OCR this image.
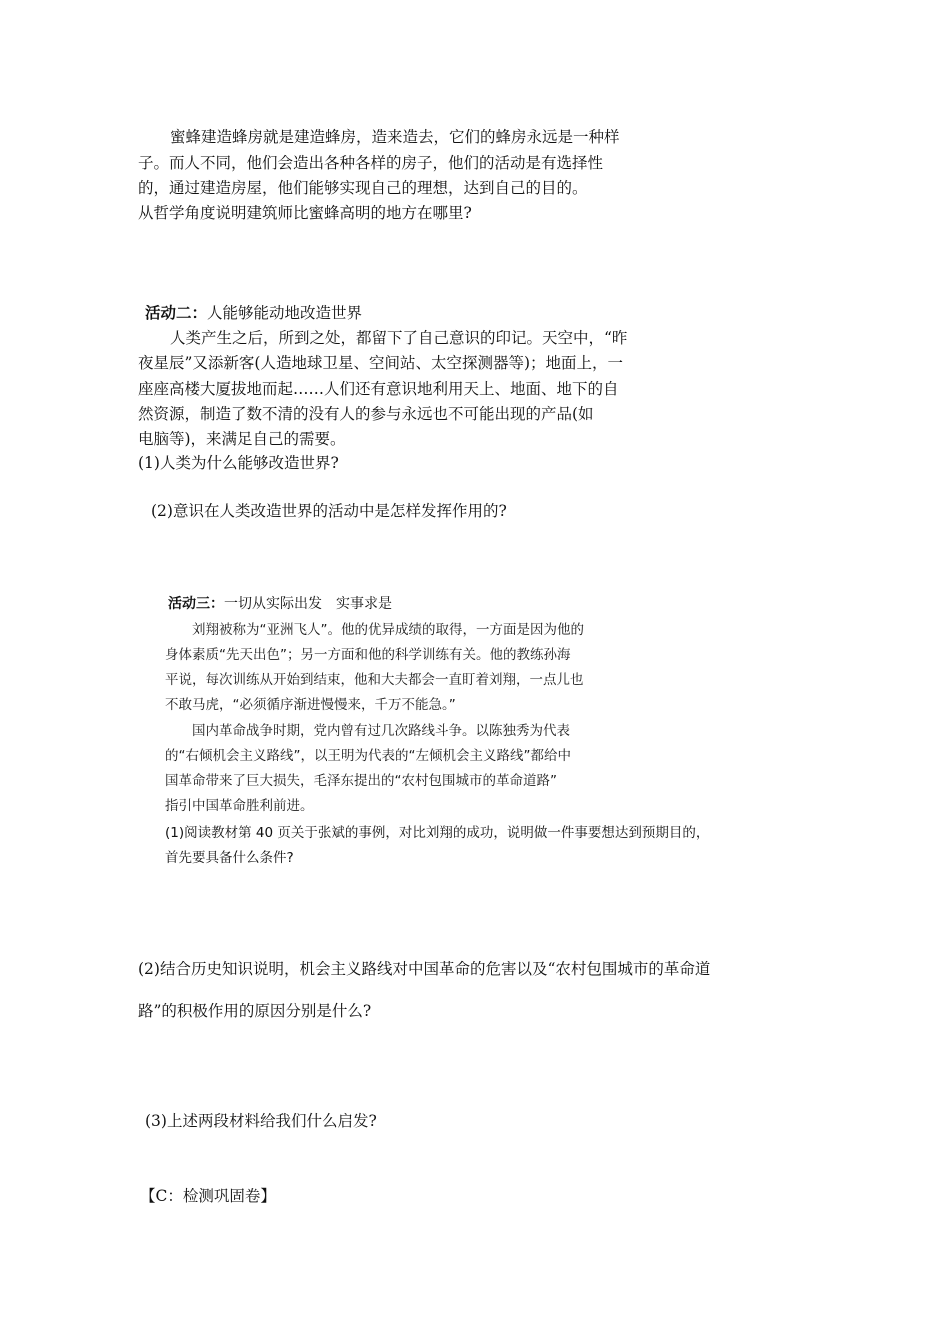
蜜蜂建造蜂房就是建造蜂房，造来造去，它们的蜂房永远是一种样
子。而人不同，他们会造出各种各样的房子，他们的活动是有选择性
的，通过建造房屋，他们能够实现自己的理想，达到自己的目的。
从哲学角度说明建筑师比蜜蜂高明的地方在哪里?
活动二：人能够能动地改造世界
人类产生之后，所到之处，都留下了自己意识的印记。天空中，“昨
夜星辰”又添新客(人造地球卫星、空间站、太空探测器等)；地面上，一
座座高楼大厦拔地而起……人们还有意识地利用天上、地面、地下的自
然资源，制造了数不清的没有人的参与永远也不可能出现的产品(如
电脑等)，来满足自己的需要。
(1)人类为什么能够改造世界?
(2)意识在人类改造世界的活动中是怎样发挥作用的?
活动三：一切从实际出发　实事求是
刘翔被称为“亚洲飞人”。他的优异成绩的取得，一方面是因为他的
身体素质“先天出色”；另一方面和他的科学训练有关。他的教练孙海
平说，每次训练从开始到结束，他和大夫都会一直盯着刘翔，一点儿也
不敢马虎，“必须循序渐进慢慢来，千万不能急。”
国内革命战争时期，党内曾有过几次路线斗争。以陈独秀为代表
的“右倾机会主义路线”，以王明为代表的“左倾机会主义路线”都给中
国革命带来了巨大损失，毛泽东提出的“农村包围城市的革命道路”
指引中国革命胜利前进。
(1)阅读教材第 40 页关于张斌的事例，对比刘翔的成功，说明做一件事要想达到预期目的，
首先要具备什么条件?
(2)结合历史知识说明，机会主义路线对中国革命的危害以及“农村包围城市的革命道
路”的积极作用的原因分别是什么?
(3)上述两段材料给我们什么启发?
【C：检测巩固卷】
